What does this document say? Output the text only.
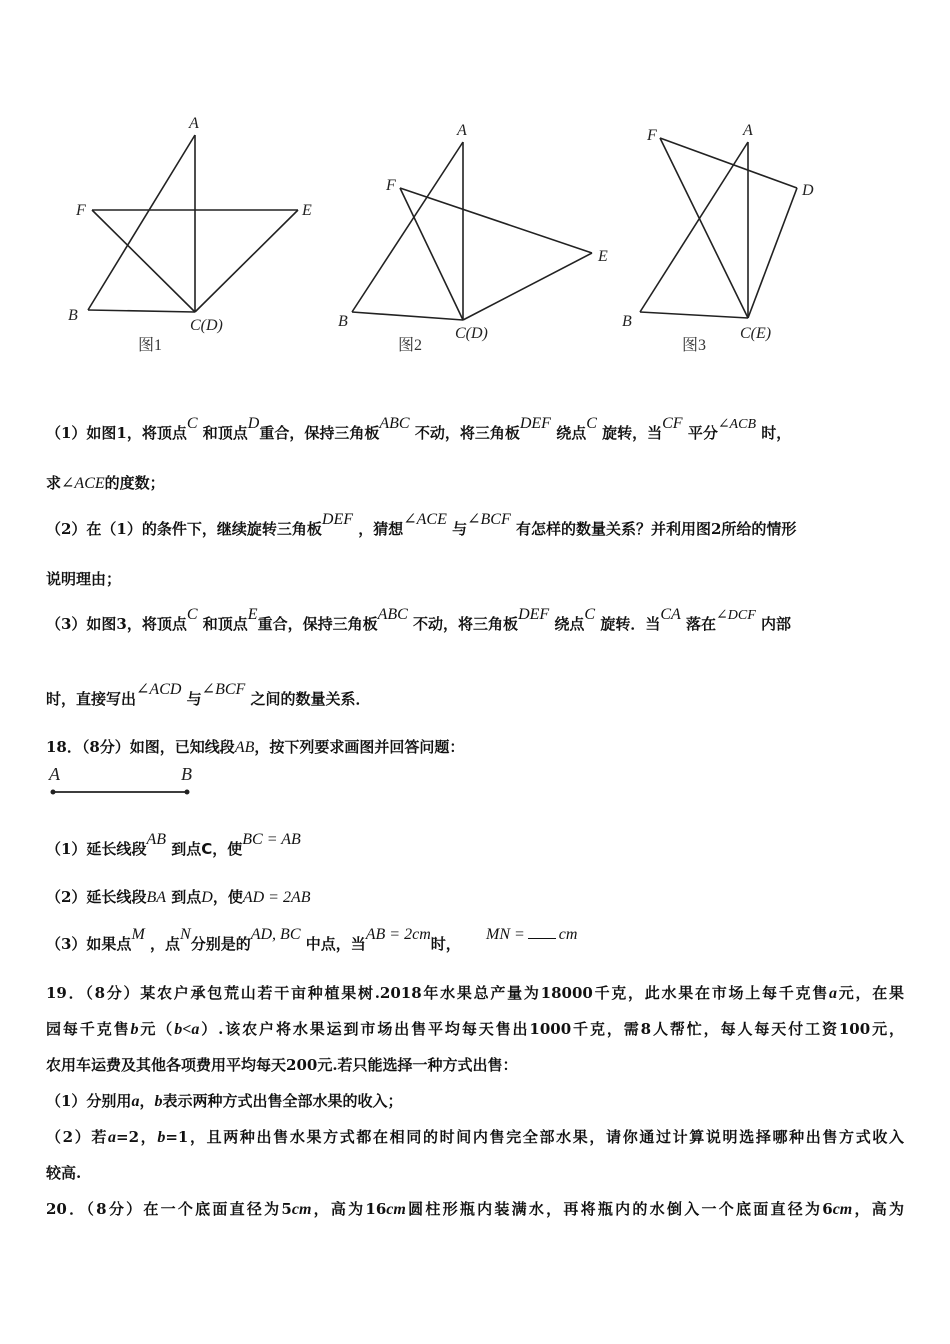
A
B
F	E
C(D)
A
B
F
E
C(D)
A
B
F
D
C(E)
图1	图2	图3
（1）如图1，将顶点C 和顶点D重合，保持三角板ABC 不动，将三角板DEF 绕点C 旋转，当CF 平分∠ACB 时，
求∠ACE的度数；
（2）在（1）的条件下，继续旋转三角板DEF ，猜想∠ACE 与∠BCF 有怎样的数量关系？并利用图2所给的情形
说明理由；
（3）如图3，将顶点C 和顶点E重合，保持三角板ABC 不动，将三角板DEF 绕点C 旋转．当CA 落在∠DCF 内部
时，直接写出∠ACD 与∠BCF 之间的数量关系．
18．（8分）如图，已知线段AB，按下列要求画图并回答问题：
A	B
（1）延长线段AB 到点C，使BC = AB
（2）延长线段BA 到点D，使AD = 2AB
（3）如果点M ，点N分别是的AD, BC 中点，当AB = 2cm时， MN = cm
19．（8分）某农户承包荒山若干亩种植果树.2018年水果总产量为18000千克，此水果在市场上每千克售a元，在果
园每千克售b元（b<a）.该农户将水果运到市场出售平均每天售出1000千克，需8人帮忙，每人每天付工资100元，
农用车运费及其他各项费用平均每天200元.若只能选择一种方式出售：
（1）分别用a，b表示两种方式出售全部水果的收入；
（2）若a=2，b=1，且两种出售水果方式都在相同的时间内售完全部水果，请你通过计算说明选择哪种出售方式收入
较高.
20．（8分）在一个底面直径为5cm，高为16cm圆柱形瓶内装满水，再将瓶内的水倒入一个底面直径为6cm，高为
